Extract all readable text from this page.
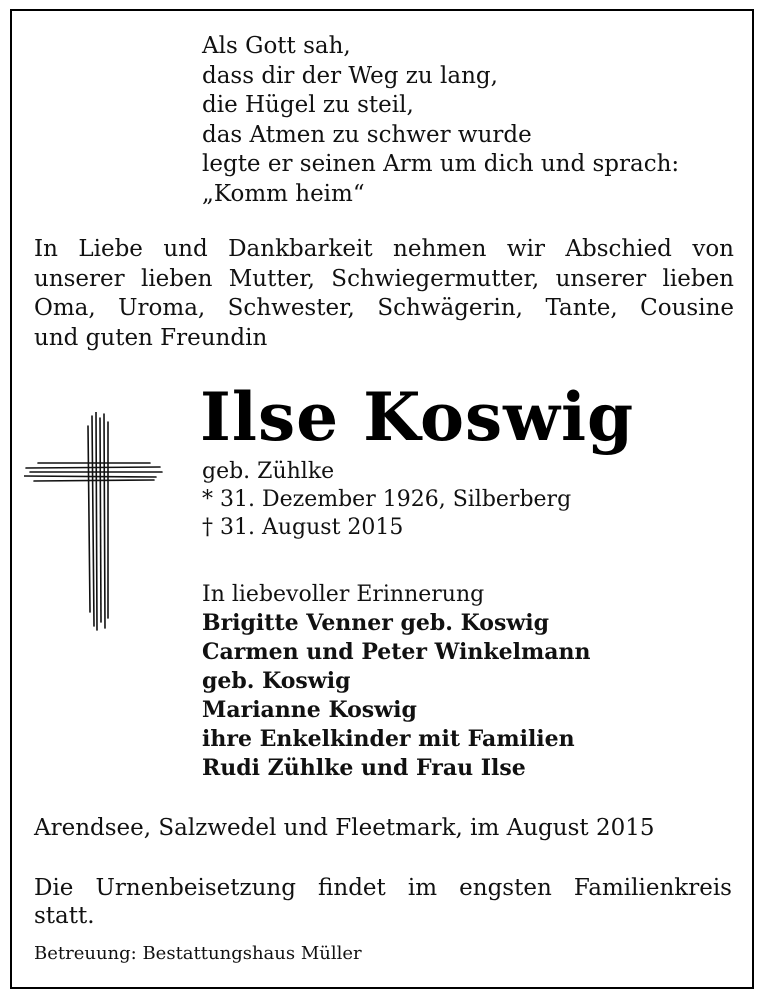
Als Gott sah,
dass dir der Weg zu lang,
die Hügel zu steil,
das Atmen zu schwer wurde
legte er seinen Arm um dich und sprach:
„Komm heim“
In Liebe und Dankbarkeit nehmen wir Abschied von
unserer lieben Mutter, Schwiegermutter, unserer lieben
Oma, Uroma, Schwester, Schwägerin, Tante, Cousine
und guten Freundin
Ilse Koswig
geb. Zühlke
* 31. Dezember 1926, Silberberg
† 31. August 2015
In liebevoller Erinnerung
Brigitte Venner geb. Koswig
Carmen und Peter Winkelmann
geb. Koswig
Marianne Koswig
ihre Enkelkinder mit Familien
Rudi Zühlke und Frau Ilse
Arendsee, Salzwedel und Fleetmark, im August 2015
Die Urnenbeisetzung findet im engsten Familienkreis
statt.
Betreuung: Bestattungshaus Müller
